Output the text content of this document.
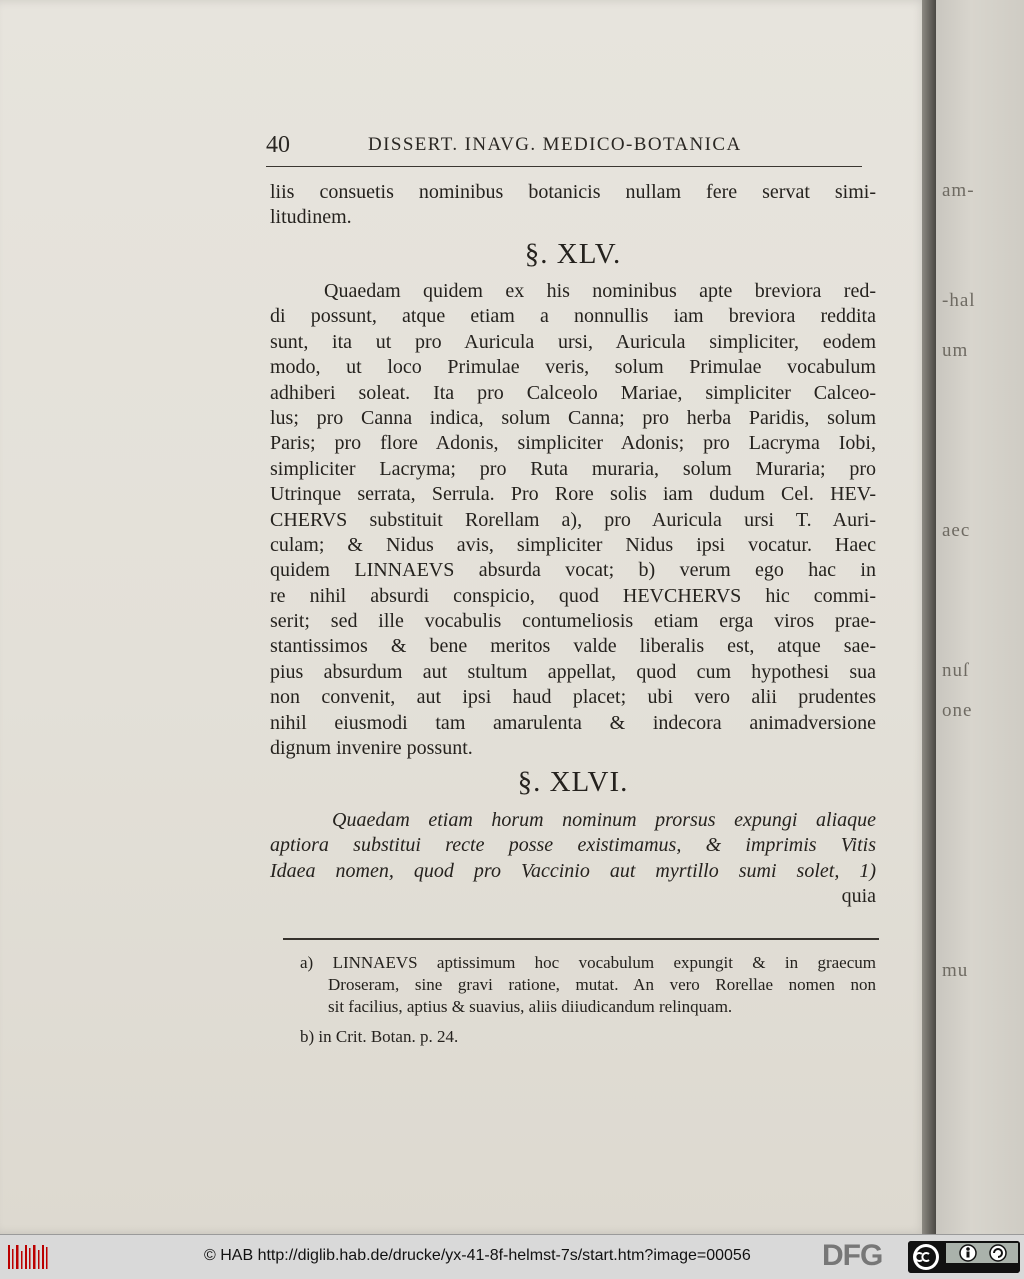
40	DISSERT. INAVG. MEDICO-BOTANICA
liis consuetis nominibus botanicis nullam fere servat simi-
litudinem.
§. XLV.
Quaedam quidem ex his nominibus apte breviora red-
di possunt, atque etiam a nonnullis iam breviora reddita
sunt, ita ut pro Auricula ursi, Auricula simpliciter, eodem
modo, ut loco Primulae veris, solum Primulae vocabulum
adhiberi soleat. Ita pro Calceolo Mariae, simpliciter Calceo-
lus; pro Canna indica, solum Canna; pro herba Paridis, solum
Paris; pro flore Adonis, simpliciter Adonis; pro Lacryma Iobi,
simpliciter Lacryma; pro Ruta muraria, solum Muraria; pro
Utrinque serrata, Serrula. Pro Rore solis iam dudum Cel. HEV-
CHERVS substituit Rorellam a), pro Auricula ursi T. Auri-
culam; & Nidus avis, simpliciter Nidus ipsi vocatur. Haec
quidem LINNAEVS absurda vocat; b) verum ego hac in
re nihil absurdi conspicio, quod HEVCHERVS hic commi-
serit; sed ille vocabulis contumeliosis etiam erga viros prae-
stantissimos & bene meritos valde liberalis est, atque sae-
pius absurdum aut stultum appellat, quod cum hypothesi sua
non convenit, aut ipsi haud placet; ubi vero alii prudentes
nihil eiusmodi tam amarulenta & indecora animadversione
dignum invenire possunt.
§. XLVI.
Quaedam etiam horum nominum prorsus expungi aliaque
aptiora substitui recte posse existimamus, & imprimis Vitis
Idaea nomen, quod pro Vaccinio aut myrtillo sumi solet, 1)
quia
a) LINNAEVS aptissimum hoc vocabulum expungit & in graecum
Droseram, sine gravi ratione, mutat. An vero Rorellae nomen non
sit facilius, aptius & suavius, aliis diiudicandum relinquam.
b) in Crit. Botan. p. 24.
am-
-hal
um
aec
nuſ
one
mu
© HAB http://diglib.hab.de/drucke/yx-41-8f-helmst-7s/start.htm?image=00056 DFG
